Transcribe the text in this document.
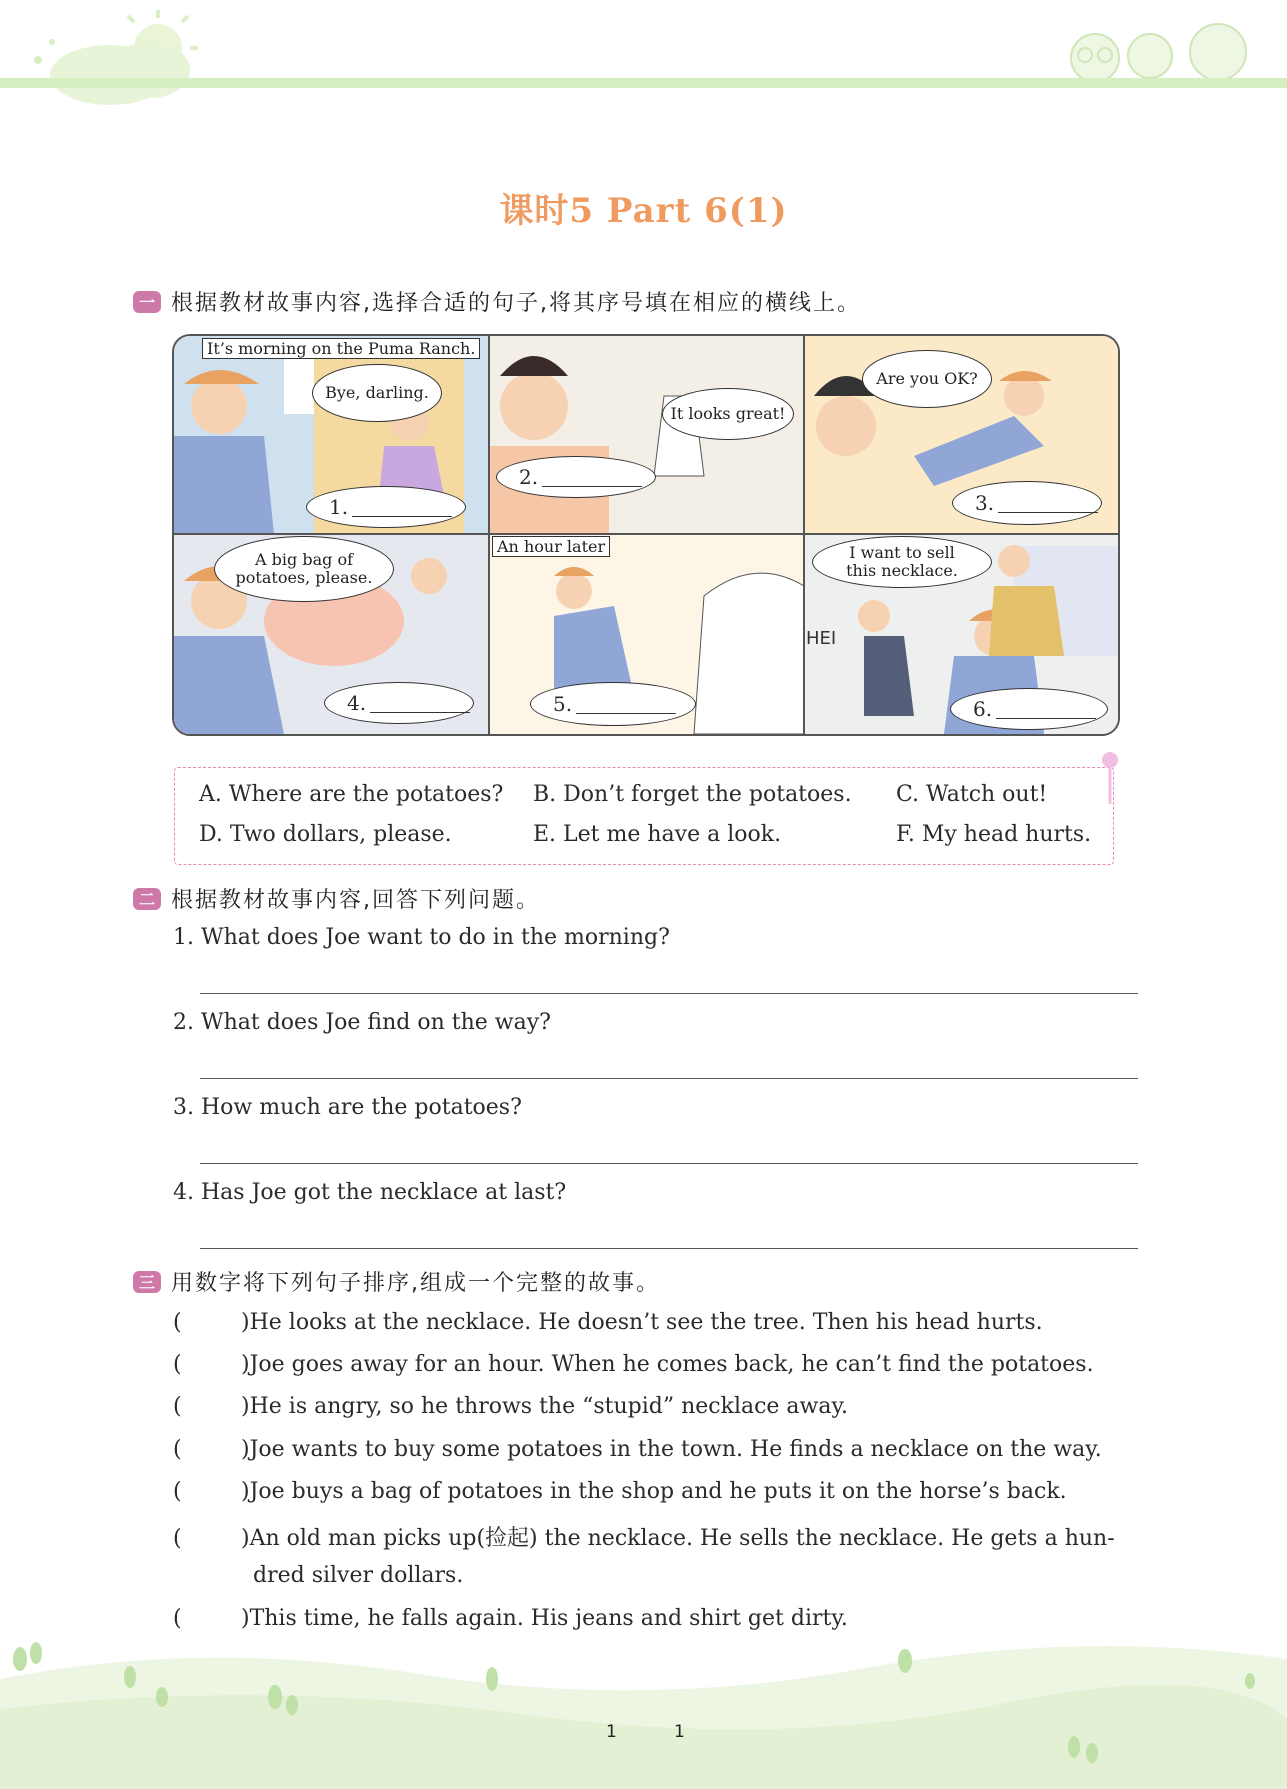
课时5 Part 6(1)
一 根据教材故事内容,选择合适的句子,将其序号填在相应的横线上。
It’s morning on the Puma Ranch.
Bye, darling.
1.
It looks great!
2.
Are you OK?
3.
A big bag of potatoes, please.
4.
An hour later
5.
I want to sell this necklace.
HEI
6.
A. Where are the potatoes? B. Don’t forget the potatoes. C. Watch out!
D. Two dollars, please.	E. Let me have a look.	F. My head hurts.
二 根据教材故事内容,回答下列问题。
1. What does Joe want to do in the morning?
2. What does Joe find on the way?
3. How much are the potatoes?
4. Has Joe got the necklace at last?
三 用数字将下列句子排序,组成一个完整的故事。
(	)He looks at the necklace. He doesn’t see the tree. Then his head hurts.
(	)Joe goes away for an hour. When he comes back, he can’t find the potatoes.
(	)He is angry, so he throws the “stupid” necklace away.
(	)Joe wants to buy some potatoes in the town. He finds a necklace on the way.
(	)Joe buys a bag of potatoes in the shop and he puts it on the horse’s back.
(	)An old man picks up(捡起) the necklace. He sells the necklace. He gets a hun-
dred silver dollars.
(	)This time, he falls again. His jeans and shirt get dirty.
1	1
